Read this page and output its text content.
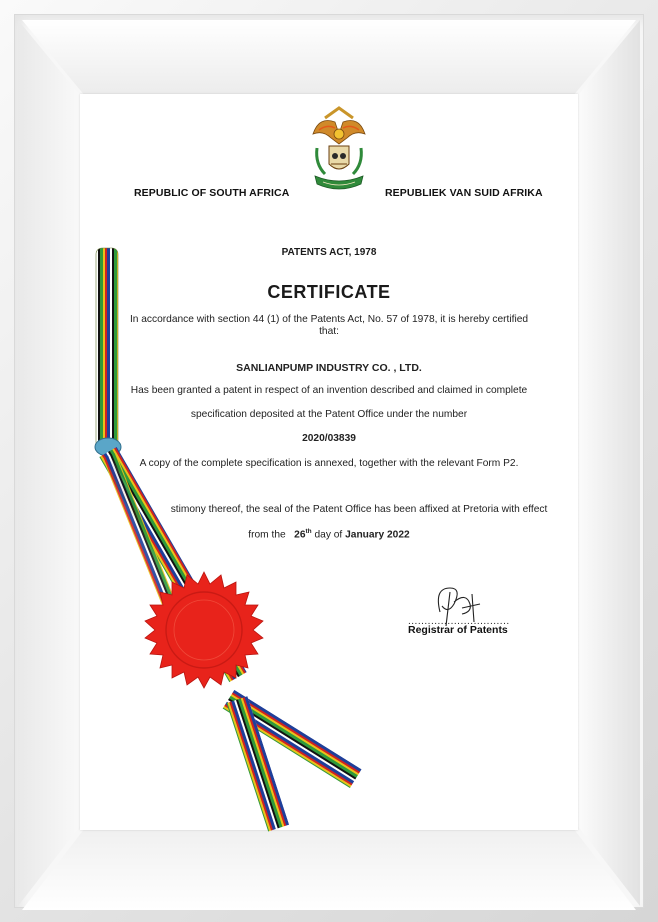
REPUBLIC OF SOUTH AFRICA	REPUBLIEK VAN SUID AFRIKA
PATENTS ACT, 1978
CERTIFICATE
In accordance with section 44 (1) of the Patents Act, No. 57 of 1978, it is hereby certified
that:
SANLIANPUMP INDUSTRY CO. , LTD.
Has been granted a patent in respect of an invention described and claimed in complete
specification deposited at the Patent Office under the number
2020/03839
A copy of the complete specification is annexed, together with the relevant Form P2.
stimony thereof, the seal of the Patent Office has been affixed at Pretoria with effect
from the 26th day of January 2022
...............................
Registrar of Patents
